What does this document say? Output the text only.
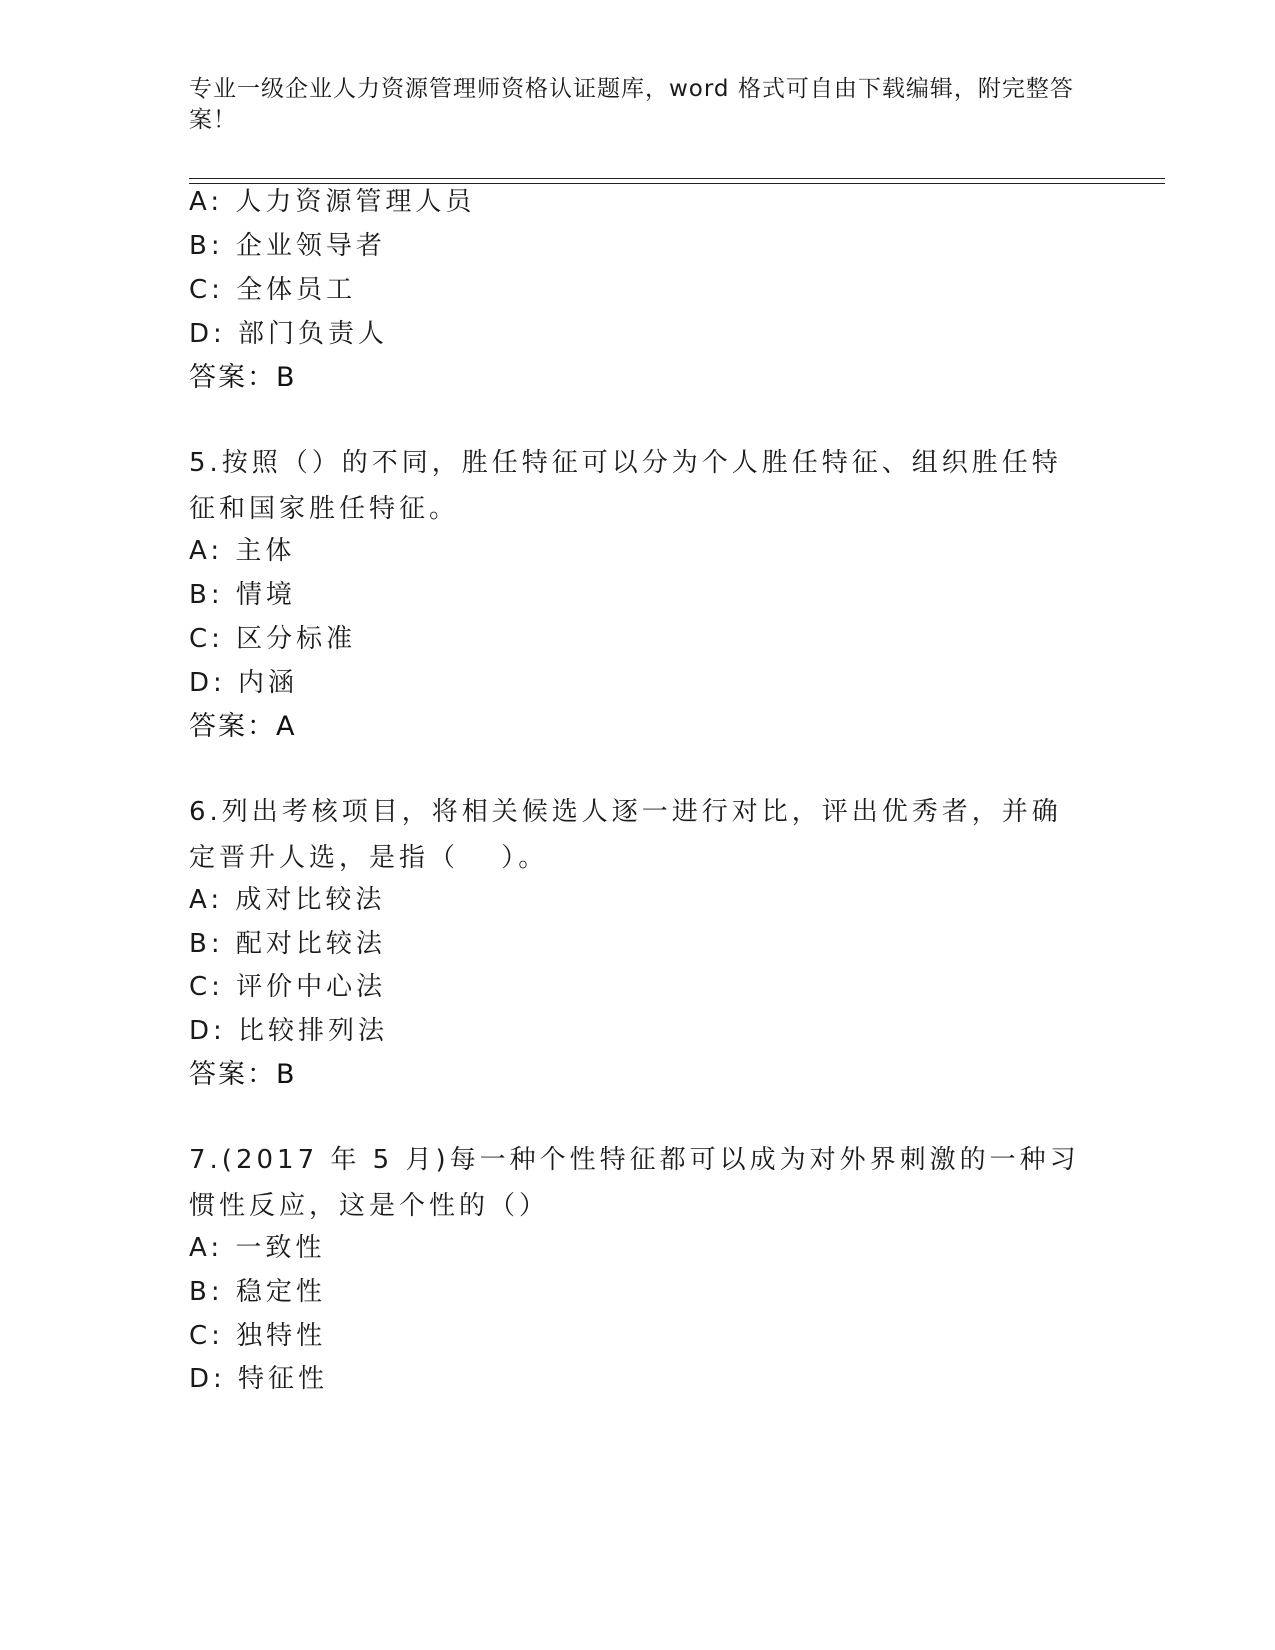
专业一级企业人力资源管理师资格认证题库，word 格式可自由下载编辑，附完整答案！
A: 人力资源管理人员
B: 企业领导者
C: 全体员工
D: 部门负责人
答案：B
5.按照（）的不同，胜任特征可以分为个人胜任特征、组织胜任特征和国家胜任特征。
A: 主体
B: 情境
C: 区分标准
D: 内涵
答案：A
6.列出考核项目，将相关候选人逐一进行对比，评出优秀者，并确定晋升人选，是指（　 ）。
A: 成对比较法
B: 配对比较法
C: 评价中心法
D: 比较排列法
答案：B
7.(2017 年 5 月)每一种个性特征都可以成为对外界刺激的一种习惯性反应，这是个性的（）
A: 一致性
B: 稳定性
C: 独特性
D: 特征性
